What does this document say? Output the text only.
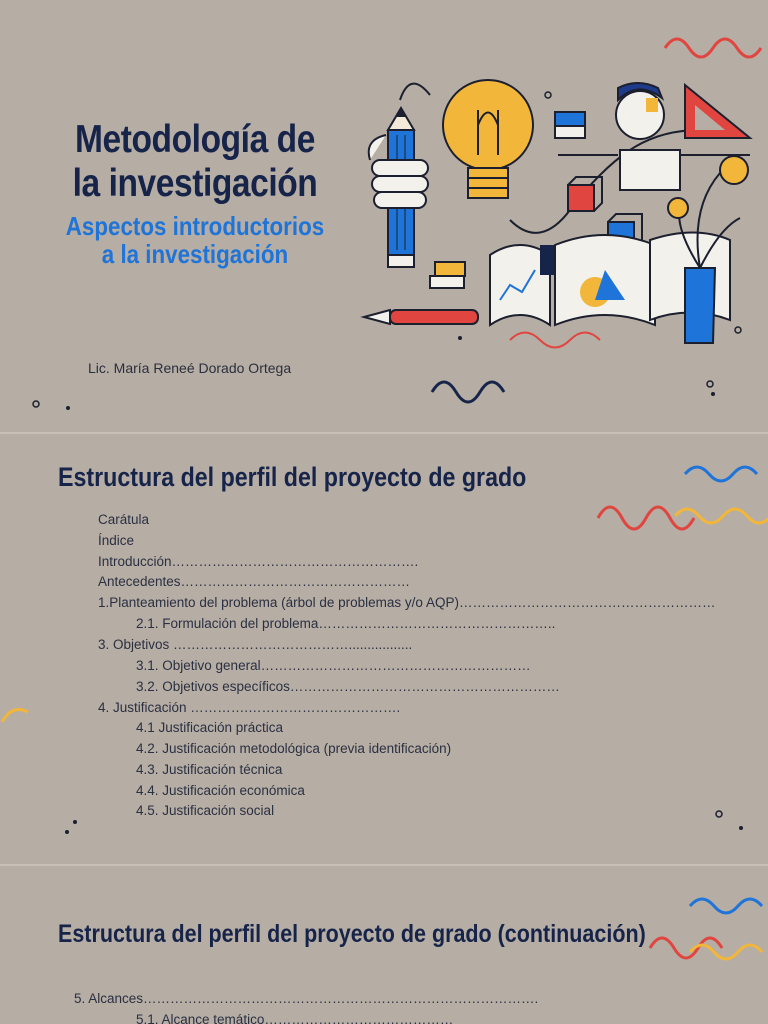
Metodología de
la investigación
Aspectos introductorios
a la investigación
Lic. María Reneé Dorado Ortega
Estructura del perfil del proyecto de grado
Carátula
Índice
Introducción……………………………………………….
Antecedentes……………………………………………
1.Planteamiento del problema (árbol de problemas y/o AQP)…………………………………………………
2.1. Formulación del problema……………………………………………..
3. Objetivos ………………………………….................
3.1. Objetivo general……………………………………………………
3.2. Objetivos específicos……………………………………………………
4. Justificación ………….…………………………….
4.1 Justificación práctica
4.2. Justificación metodológica (previa identificación)
4.3. Justificación técnica
4.4. Justificación económica
4.5. Justificación social
Estructura del perfil del proyecto de grado (continuación)
5. Alcances…………………………………………………………………………….
5.1. Alcance temático……………………………………
